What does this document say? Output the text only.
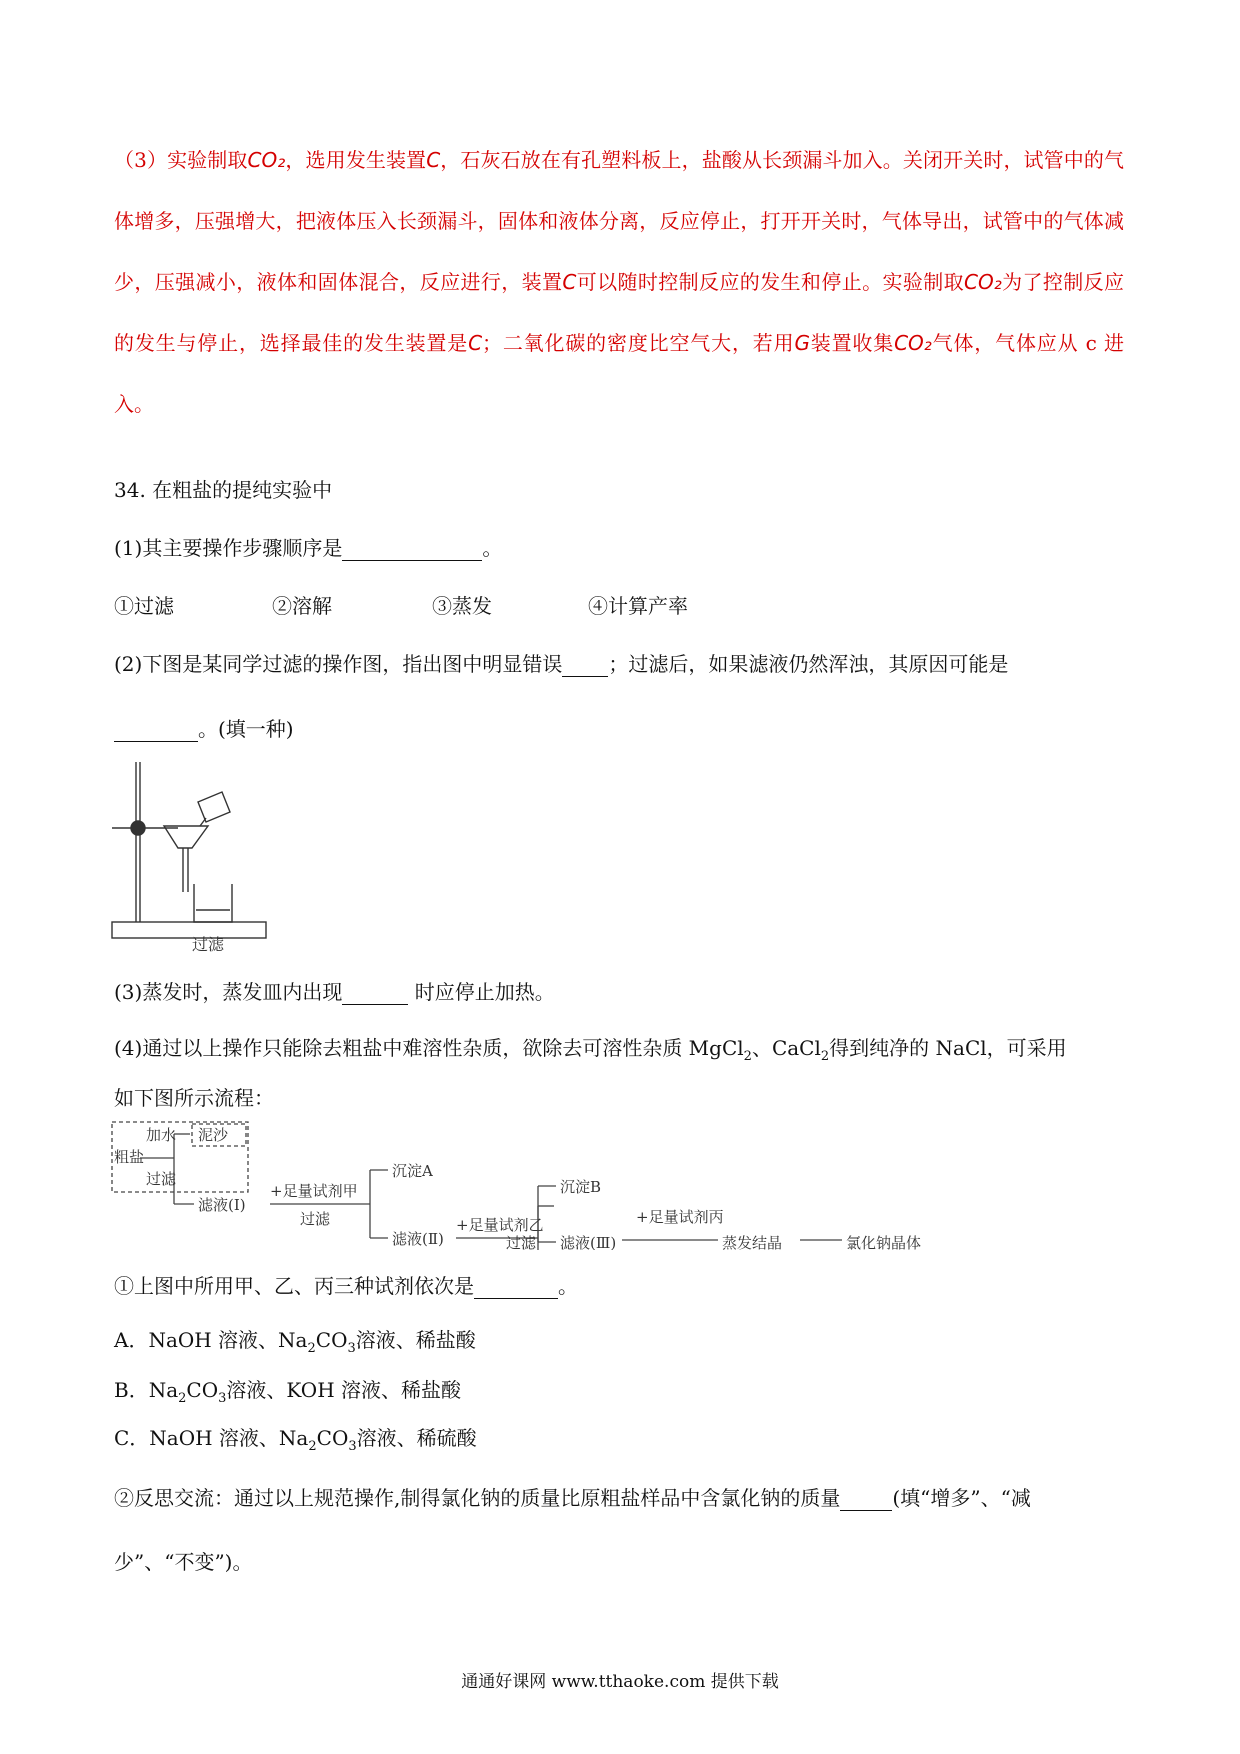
（3）实验制取CO₂，选用发生装置C，石灰石放在有孔塑料板上，盐酸从长颈漏斗加入。关闭开关时，试管中的气体增多，压强增大，把液体压入长颈漏斗，固体和液体分离，反应停止，打开开关时，气体导出，试管中的气体减少，压强减小，液体和固体混合，反应进行，装置C可以随时控制反应的发生和停止。实验制取CO₂为了控制反应的发生与停止，选择最佳的发生装置是C；二氧化碳的密度比空气大，若用G装置收集CO₂气体，气体应从 c 进入。

34. 在粗盐的提纯实验中
(1)其主要操作步骤顺序是	。
①过滤	②溶解	③蒸发	④计算产率
(2)下图是某同学过滤的操作图，指出图中明显错误 ；过滤后，如果滤液仍然浑浊，其原因可能是
。(填一种)
过滤
(3)蒸发时，蒸发皿内出现	时应停止加热。
(4)通过以上操作只能除去粗盐中难溶性杂质，欲除去可溶性杂质 MgCl$_2$、CaCl$_2$得到纯净的 NaCl，可采用
如下图所示流程：
粗盐
加水
过滤
泥沙
滤液(Ⅰ)
+足量试剂甲
过滤
沉淀A
滤液(Ⅱ)
+足量试剂乙
过滤
沉淀B
滤液(Ⅲ)
+足量试剂丙
蒸发结晶	氯化钠晶体
①上图中所用甲、乙、丙三种试剂依次是	。
A．NaOH 溶液、$Na_2CO_3$溶液、稀盐酸
B．$Na_2CO_3$溶液、KOH 溶液、稀盐酸
C．NaOH 溶液、$Na_2CO_3$溶液、稀硫酸
②反思交流：通过以上规范操作,制得氯化钠的质量比原粗盐样品中含氯化钠的质量	(填“增多”、“减
少”、“不变”)。
通通好课网 www.tthaoke.com 提供下载
